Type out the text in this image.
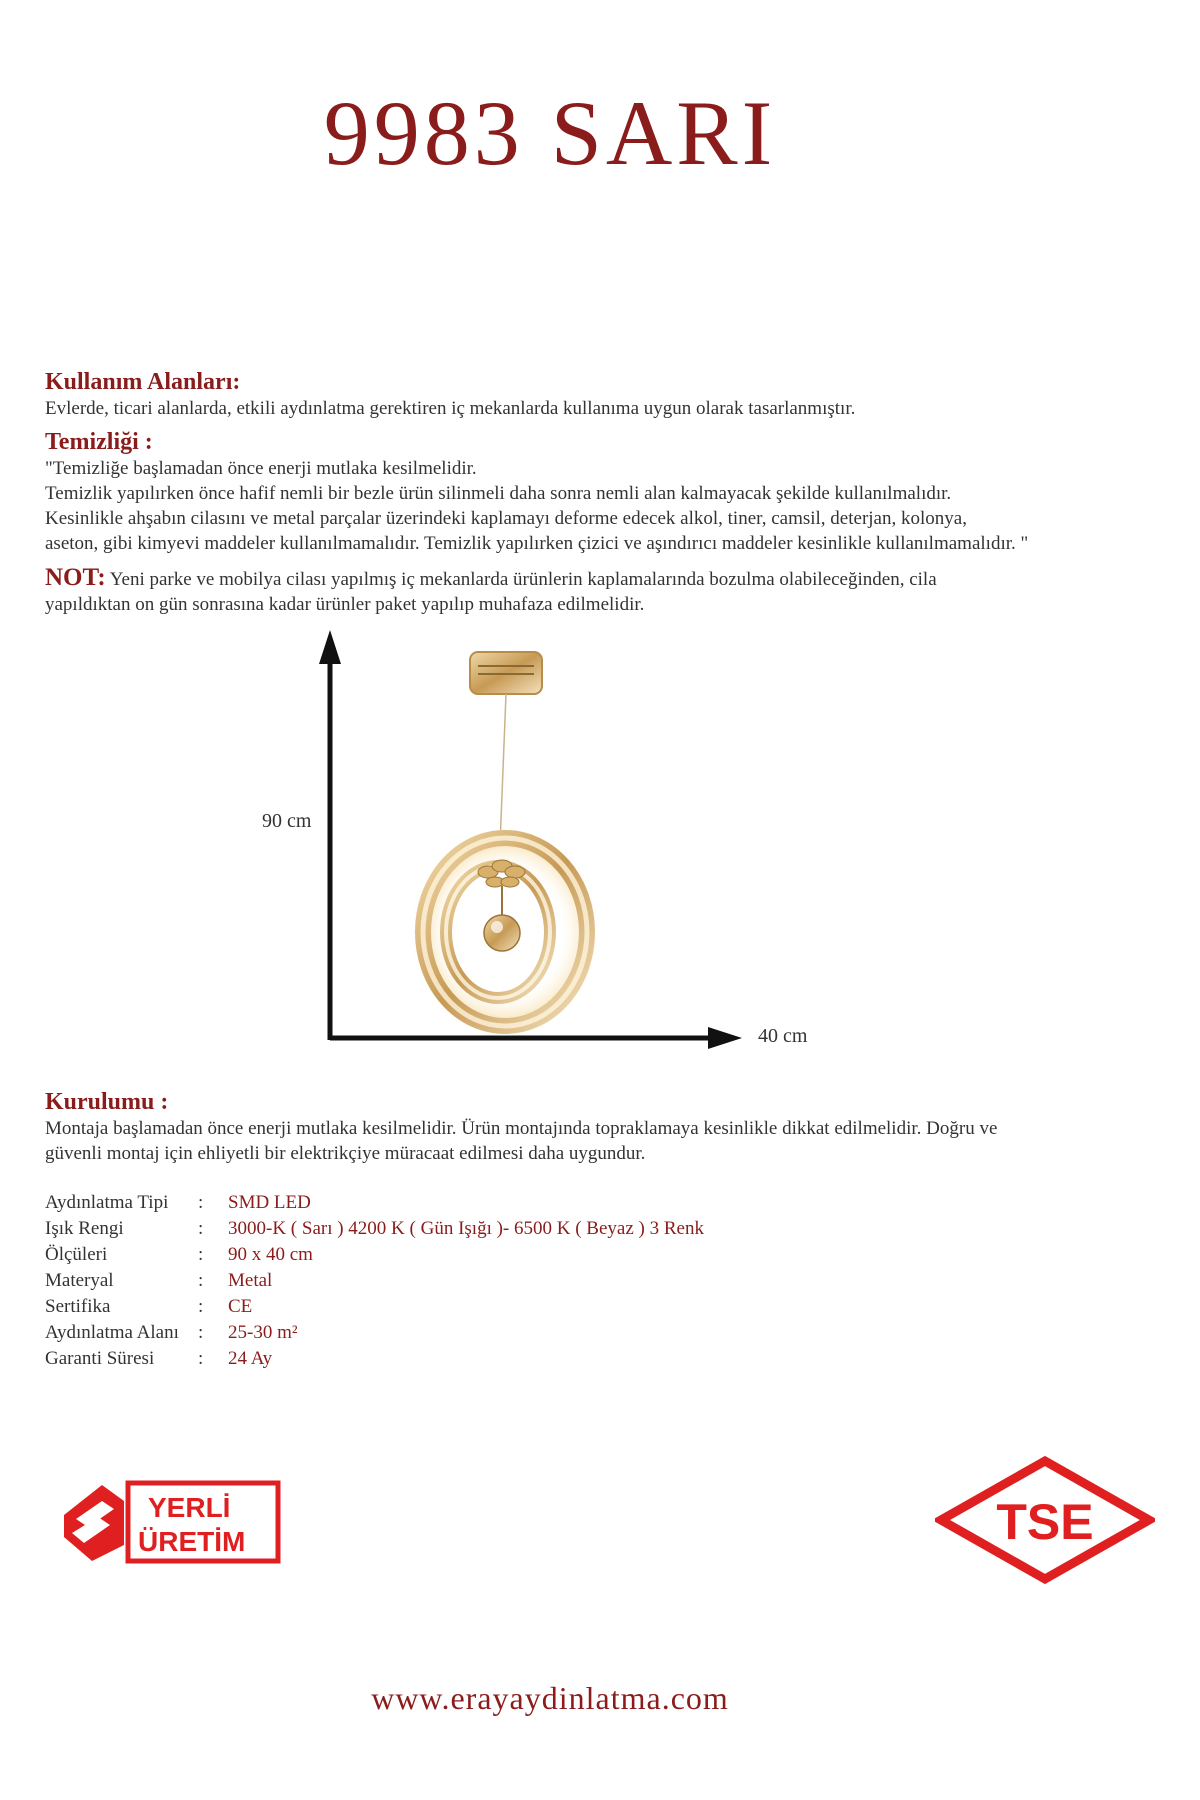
9983 SARI
Kullanım Alanları:
Evlerde, ticari alanlarda, etkili aydınlatma gerektiren iç mekanlarda kullanıma uygun olarak tasarlanmıştır.
Temizliği :
"Temizliğe başlamadan önce enerji mutlaka kesilmelidir.
Temizlik yapılırken önce hafif nemli bir bezle ürün silinmeli daha sonra nemli alan kalmayacak şekilde kullanılmalıdır.
Kesinlikle ahşabın cilasını ve metal parçalar üzerindeki kaplamayı deforme edecek alkol, tiner, camsil, deterjan, kolonya,
aseton, gibi kimyevi maddeler kullanılmamalıdır. Temizlik yapılırken çizici ve aşındırıcı maddeler kesinlikle kullanılmamalıdır. "
NOT: Yeni parke ve mobilya cilası yapılmış iç mekanlarda ürünlerin kaplamalarında bozulma olabileceğinden, cila
yapıldıktan on gün sonrasına kadar ürünler paket yapılıp muhafaza edilmelidir.
90 cm
40 cm
Kurulumu :
Montaja başlamadan önce enerji mutlaka kesilmelidir. Ürün montajında topraklamaya kesinlikle dikkat edilmelidir. Doğru ve
güvenli montaj için ehliyetli bir elektrikçiye müracaat edilmesi daha uygundur.
Aydınlatma Tipi	:	SMD LED
Işık Rengi	:	3000-K ( Sarı ) 4200 K ( Gün Işığı )- 6500 K ( Beyaz ) 3 Renk
Ölçüleri	:	90 x 40 cm
Materyal	:	Metal
Sertifika	:	CE
Aydınlatma Alanı	:	25-30 m²
Garanti Süresi	:	24 Ay
YERLİ
ÜRETİM	TSE
www.erayaydinlatma.com
